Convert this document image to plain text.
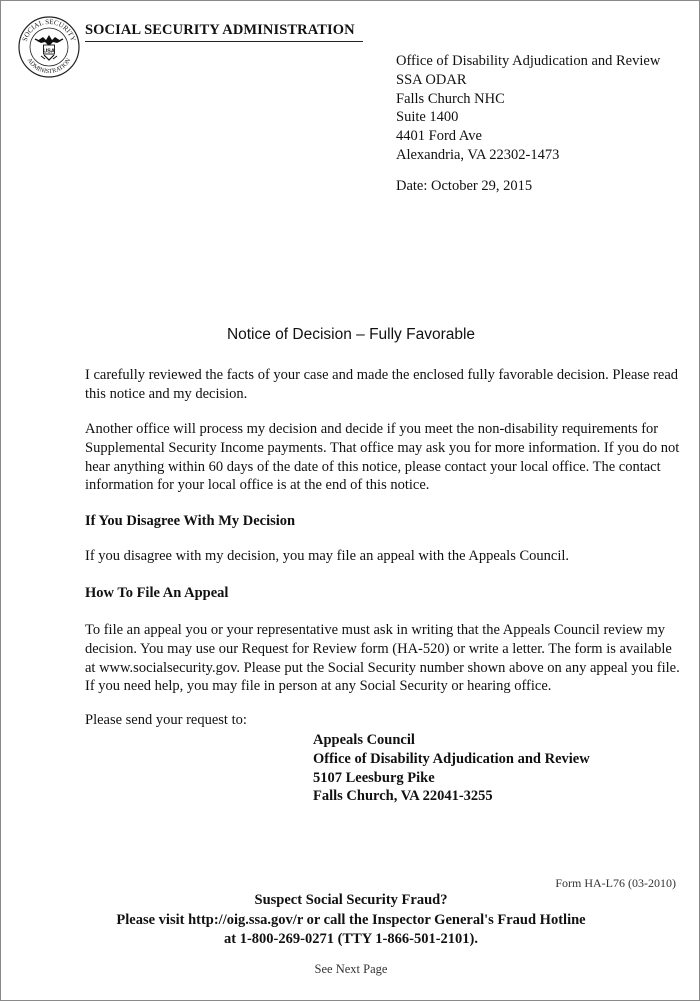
SOCIAL SECURITY
ADMINISTRATION
USA
SOCIAL SECURITY ADMINISTRATION
Office of Disability Adjudication and Review
SSA ODAR
Falls Church NHC
Suite 1400
4401 Ford Ave
Alexandria, VA 22302-1473
Date: October 29, 2015
Notice of Decision – Fully Favorable
I carefully reviewed the facts of your case and made the enclosed fully favorable decision. Please read this notice and my decision.
Another office will process my decision and decide if you meet the non-disability requirements for Supplemental Security Income payments. That office may ask you for more information. If you do not hear anything within 60 days of the date of this notice, please contact your local office. The contact information for your local office is at the end of this notice.
If You Disagree With My Decision
If you disagree with my decision, you may file an appeal with the Appeals Council.
How To File An Appeal
To file an appeal you or your representative must ask in writing that the Appeals Council review my decision. You may use our Request for Review form (HA-520) or write a letter. The form is available at www.socialsecurity.gov. Please put the Social Security number shown above on any appeal you file. If you need help, you may file in person at any Social Security or hearing office.
Please send your request to:
Appeals Council
Office of Disability Adjudication and Review
5107 Leesburg Pike
Falls Church, VA 22041-3255
Form HA-L76 (03-2010)
Suspect Social Security Fraud?
Please visit http://oig.ssa.gov/r or call the Inspector General's Fraud Hotline
at 1-800-269-0271 (TTY 1-866-501-2101).
See Next Page
